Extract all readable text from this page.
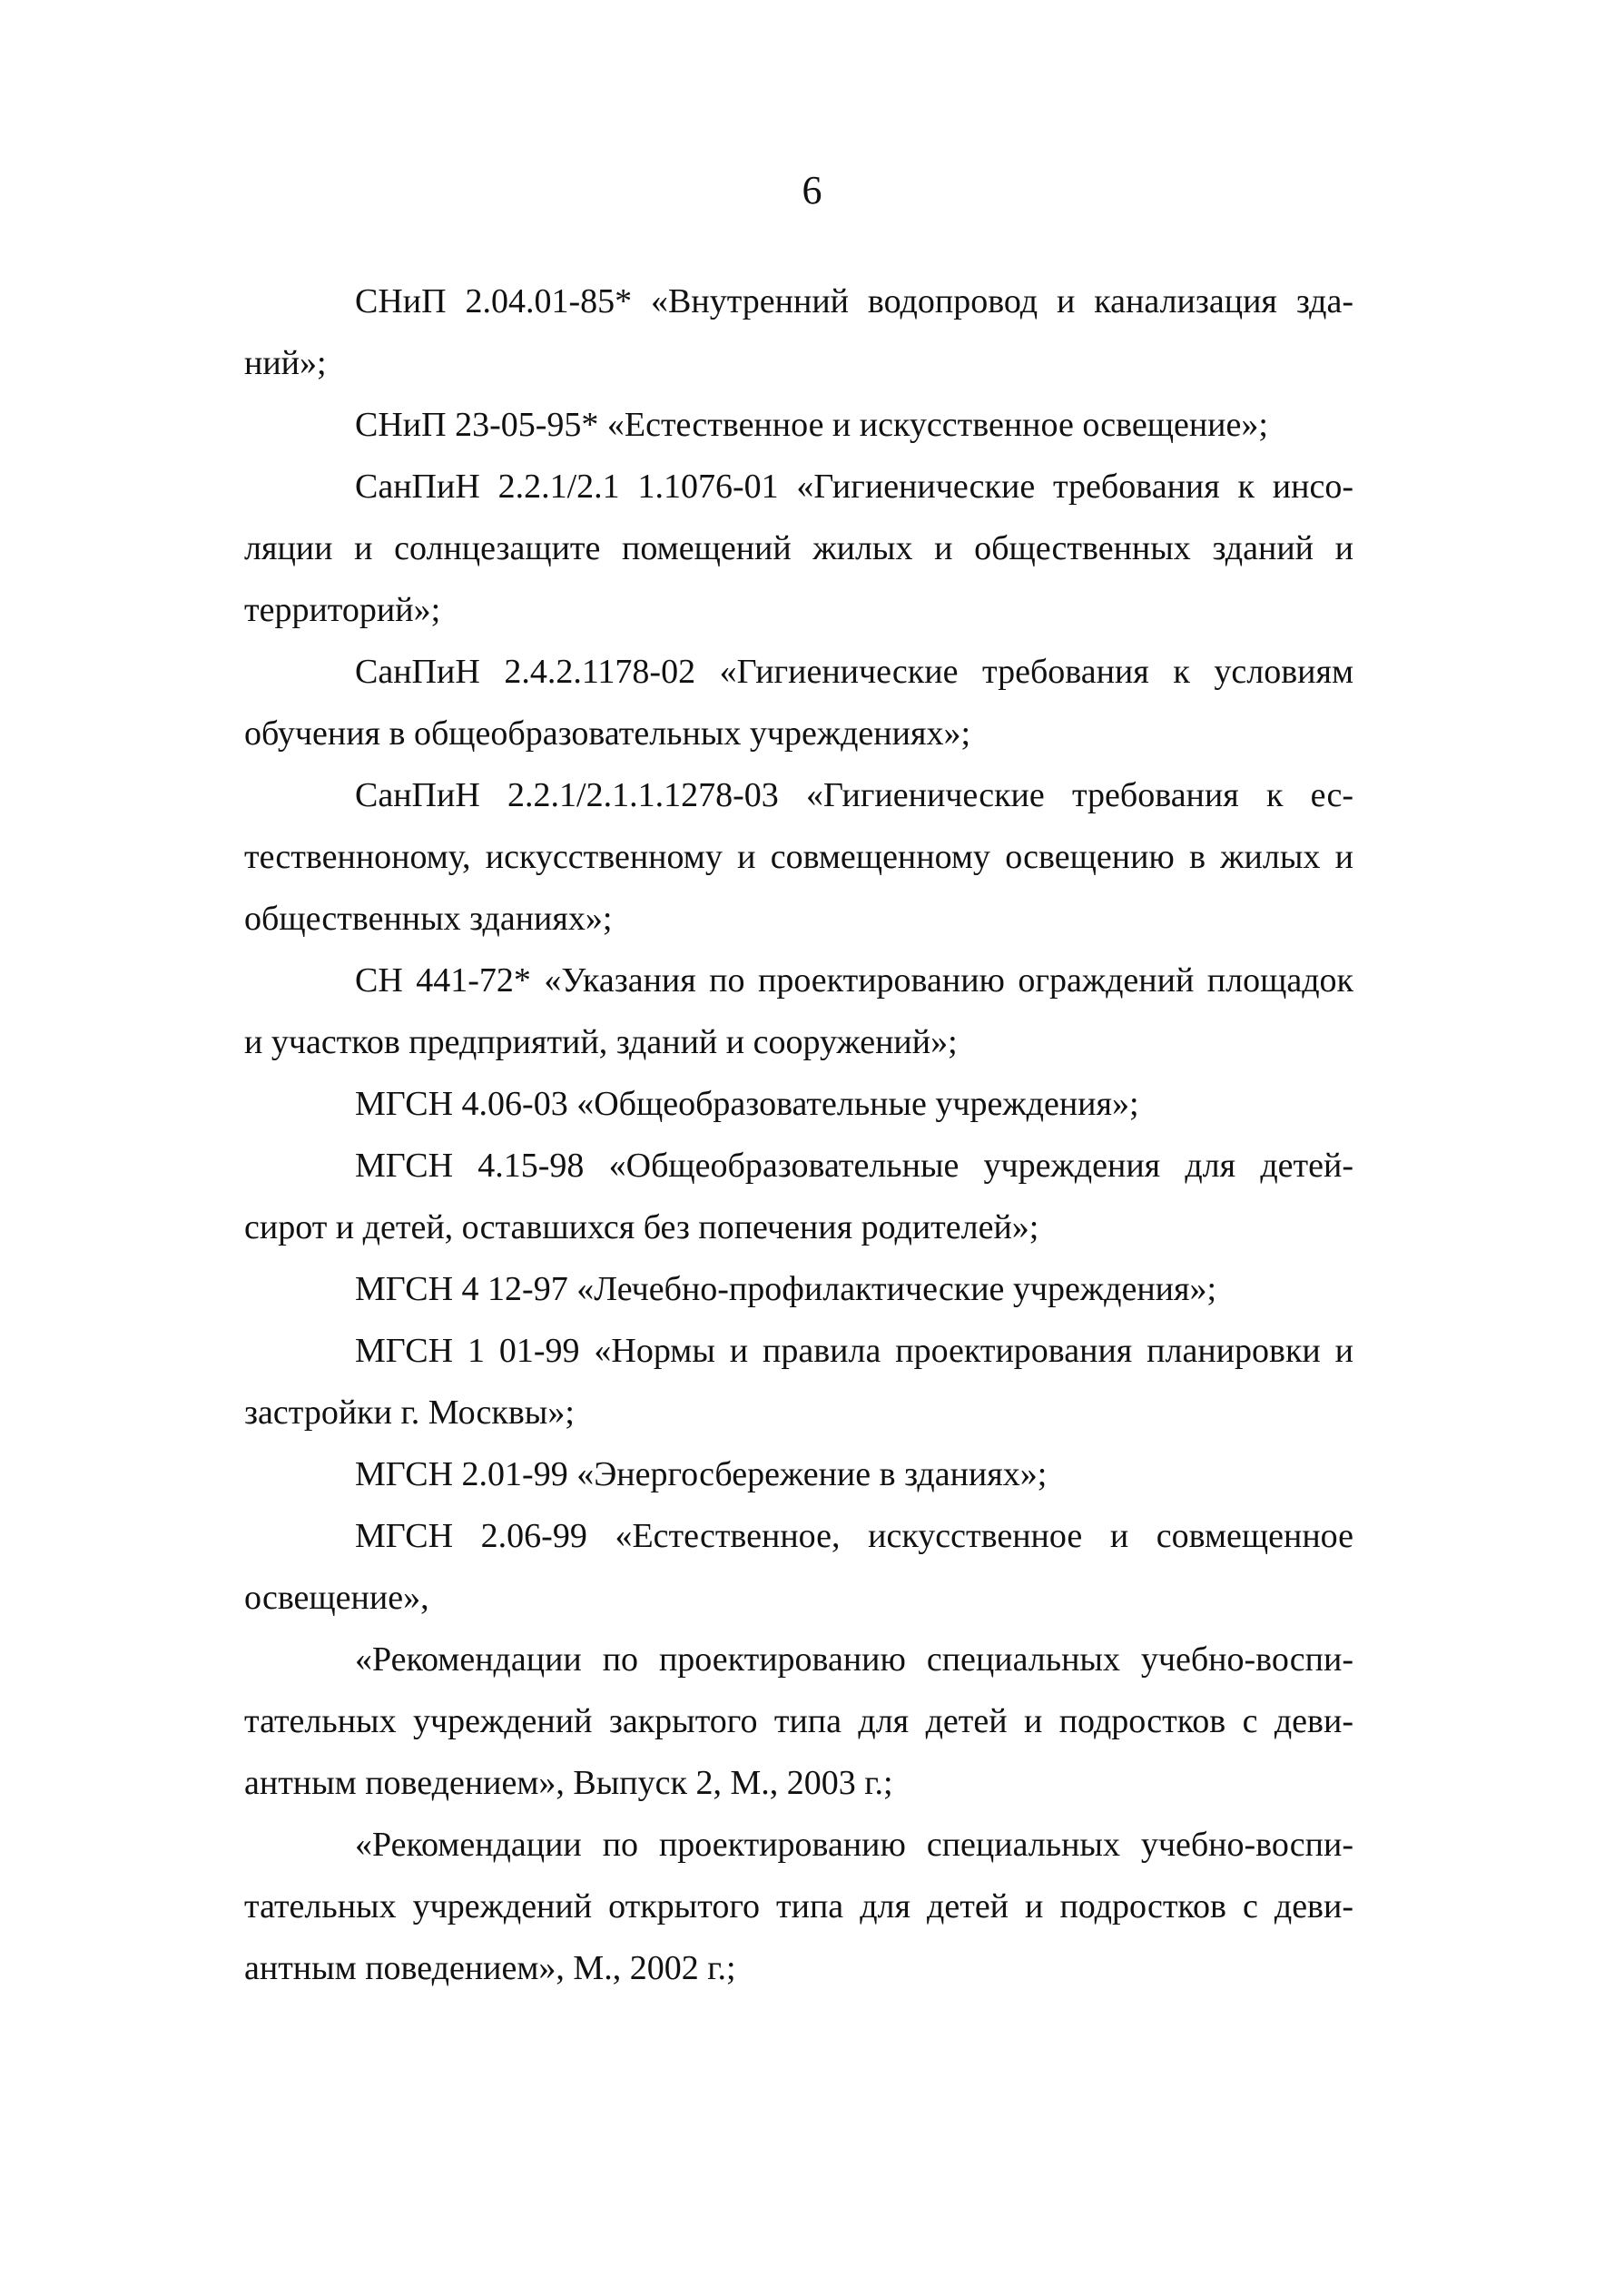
6

СНиП 2.04.01-85* «Внутренний водопровод и канализация зданий»;

СНиП 23-05-95* «Естественное и искусственное освещение»;

СанПиН 2.2.1/2.1 1.1076-01 «Гигиенические требования к инсоляции и солнцезащите помещений жилых и общественных зданий и территорий»;

СанПиН 2.4.2.1178-02 «Гигиенические требования к условиям обучения в общеобразовательных учреждениях»;

СанПиН 2.2.1/2.1.1.1278-03 «Гигиенические требования к естественноному, искусственному и совмещенному освещению в жилых и общественных зданиях»;

СН 441-72* «Указания по проектированию ограждений площадок и участков предприятий, зданий и сооружений»;

МГСН 4.06-03 «Общеобразовательные учреждения»;

МГСН 4.15-98 «Общеобразовательные учреждения для детей-сирот и детей, оставшихся без попечения родителей»;

МГСН 4 12-97 «Лечебно-профилактические учреждения»;

МГСН 1 01-99 «Нормы и правила проектирования планировки и застройки г. Москвы»;

МГСН 2.01-99 «Энергосбережение в зданиях»;

МГСН 2.06-99 «Естественное, искусственное и совмещенное освещение»,

«Рекомендации по проектированию специальных учебно-воспитательных учреждений закрытого типа для детей и подростков с девиантным поведением», Выпуск 2, М., 2003 г.;

«Рекомендации по проектированию специальных учебно-воспитательных учреждений открытого типа для детей и подростков с девиантным поведением», М., 2002 г.;
